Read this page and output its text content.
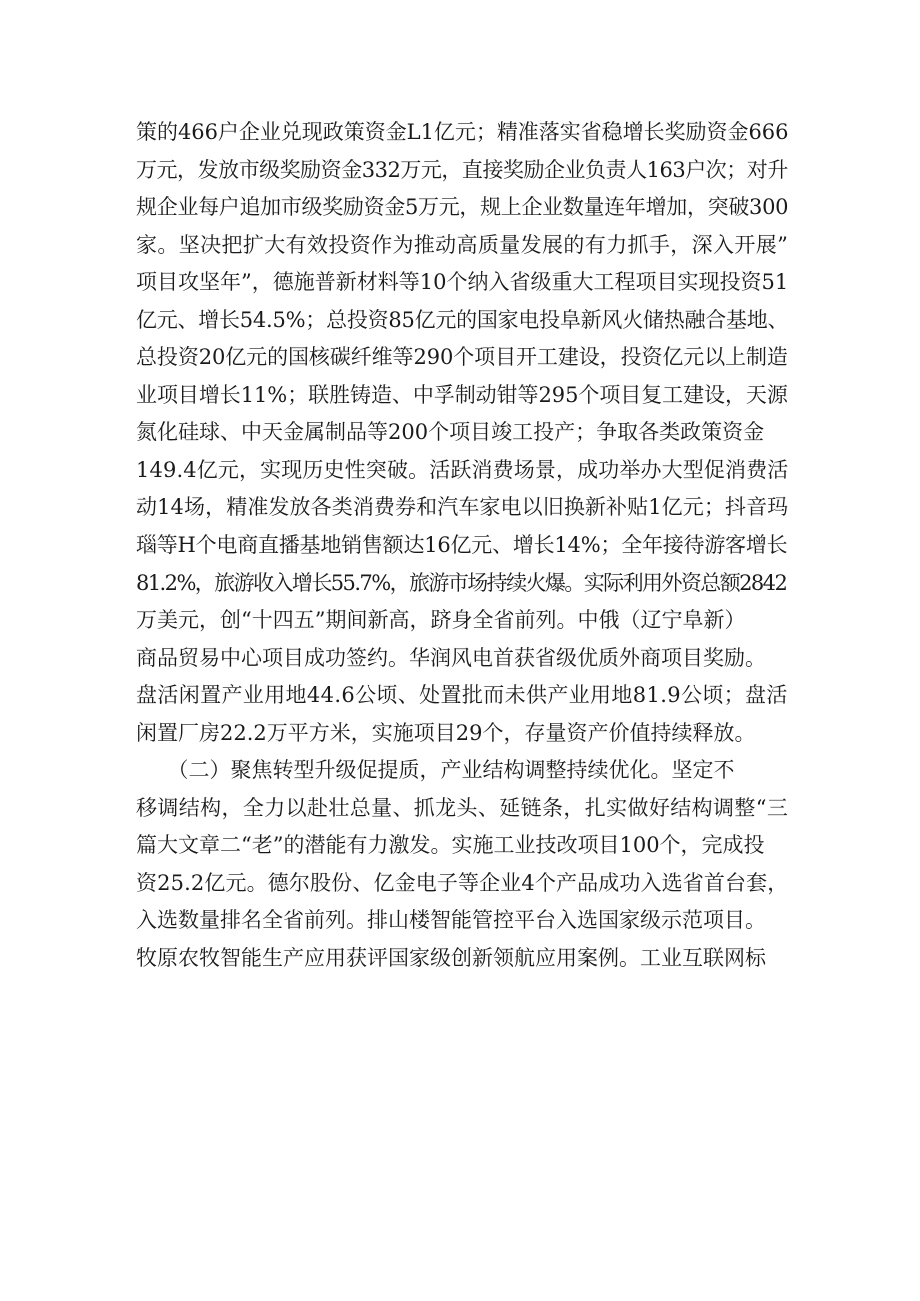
策的466户企业兑现政策资金L1亿元；精准落实省稳增长奖励资金666
万元，发放市级奖励资金332万元，直接奖励企业负责人163户次；对升
规企业每户追加市级奖励资金5万元，规上企业数量连年增加，突破300
家。坚决把扩大有效投资作为推动高质量发展的有力抓手，深入开展”
项目攻坚年”，德施普新材料等10个纳入省级重大工程项目实现投资51
亿元、增长54.5%；总投资85亿元的国家电投阜新风火储热融合基地、
总投资20亿元的国核碳纤维等290个项目开工建设，投资亿元以上制造
业项目增长11%；联胜铸造、中孚制动钳等295个项目复工建设，天源
氮化硅球、中天金属制品等200个项目竣工投产；争取各类政策资金
149.4亿元，实现历史性突破。活跃消费场景，成功举办大型促消费活
动14场，精准发放各类消费券和汽车家电以旧换新补贴1亿元；抖音玛
瑙等H个电商直播基地销售额达16亿元、增长14%；全年接待游客增长
81.2%，旅游收入增长55.7%，旅游市场持续火爆。实际利用外资总额2842
万美元，创“十四五”期间新高，跻身全省前列。中俄（辽宁阜新）
商品贸易中心项目成功签约。华润风电首获省级优质外商项目奖励。
盘活闲置产业用地44.6公顷、处置批而未供产业用地81.9公顷；盘活
闲置厂房22.2万平方米，实施项目29个，存量资产价值持续释放。
　　（二）聚焦转型升级促提质，产业结构调整持续优化。坚定不
移调结构，全力以赴壮总量、抓龙头、延链条，扎实做好结构调整“三
篇大文章二“老”的潜能有力激发。实施工业技改项目100个，完成投
资25.2亿元。德尔股份、亿金电子等企业4个产品成功入选省首台套，
入选数量排名全省前列。排山楼智能管控平台入选国家级示范项目。
牧原农牧智能生产应用获评国家级创新领航应用案例。工业互联网标
